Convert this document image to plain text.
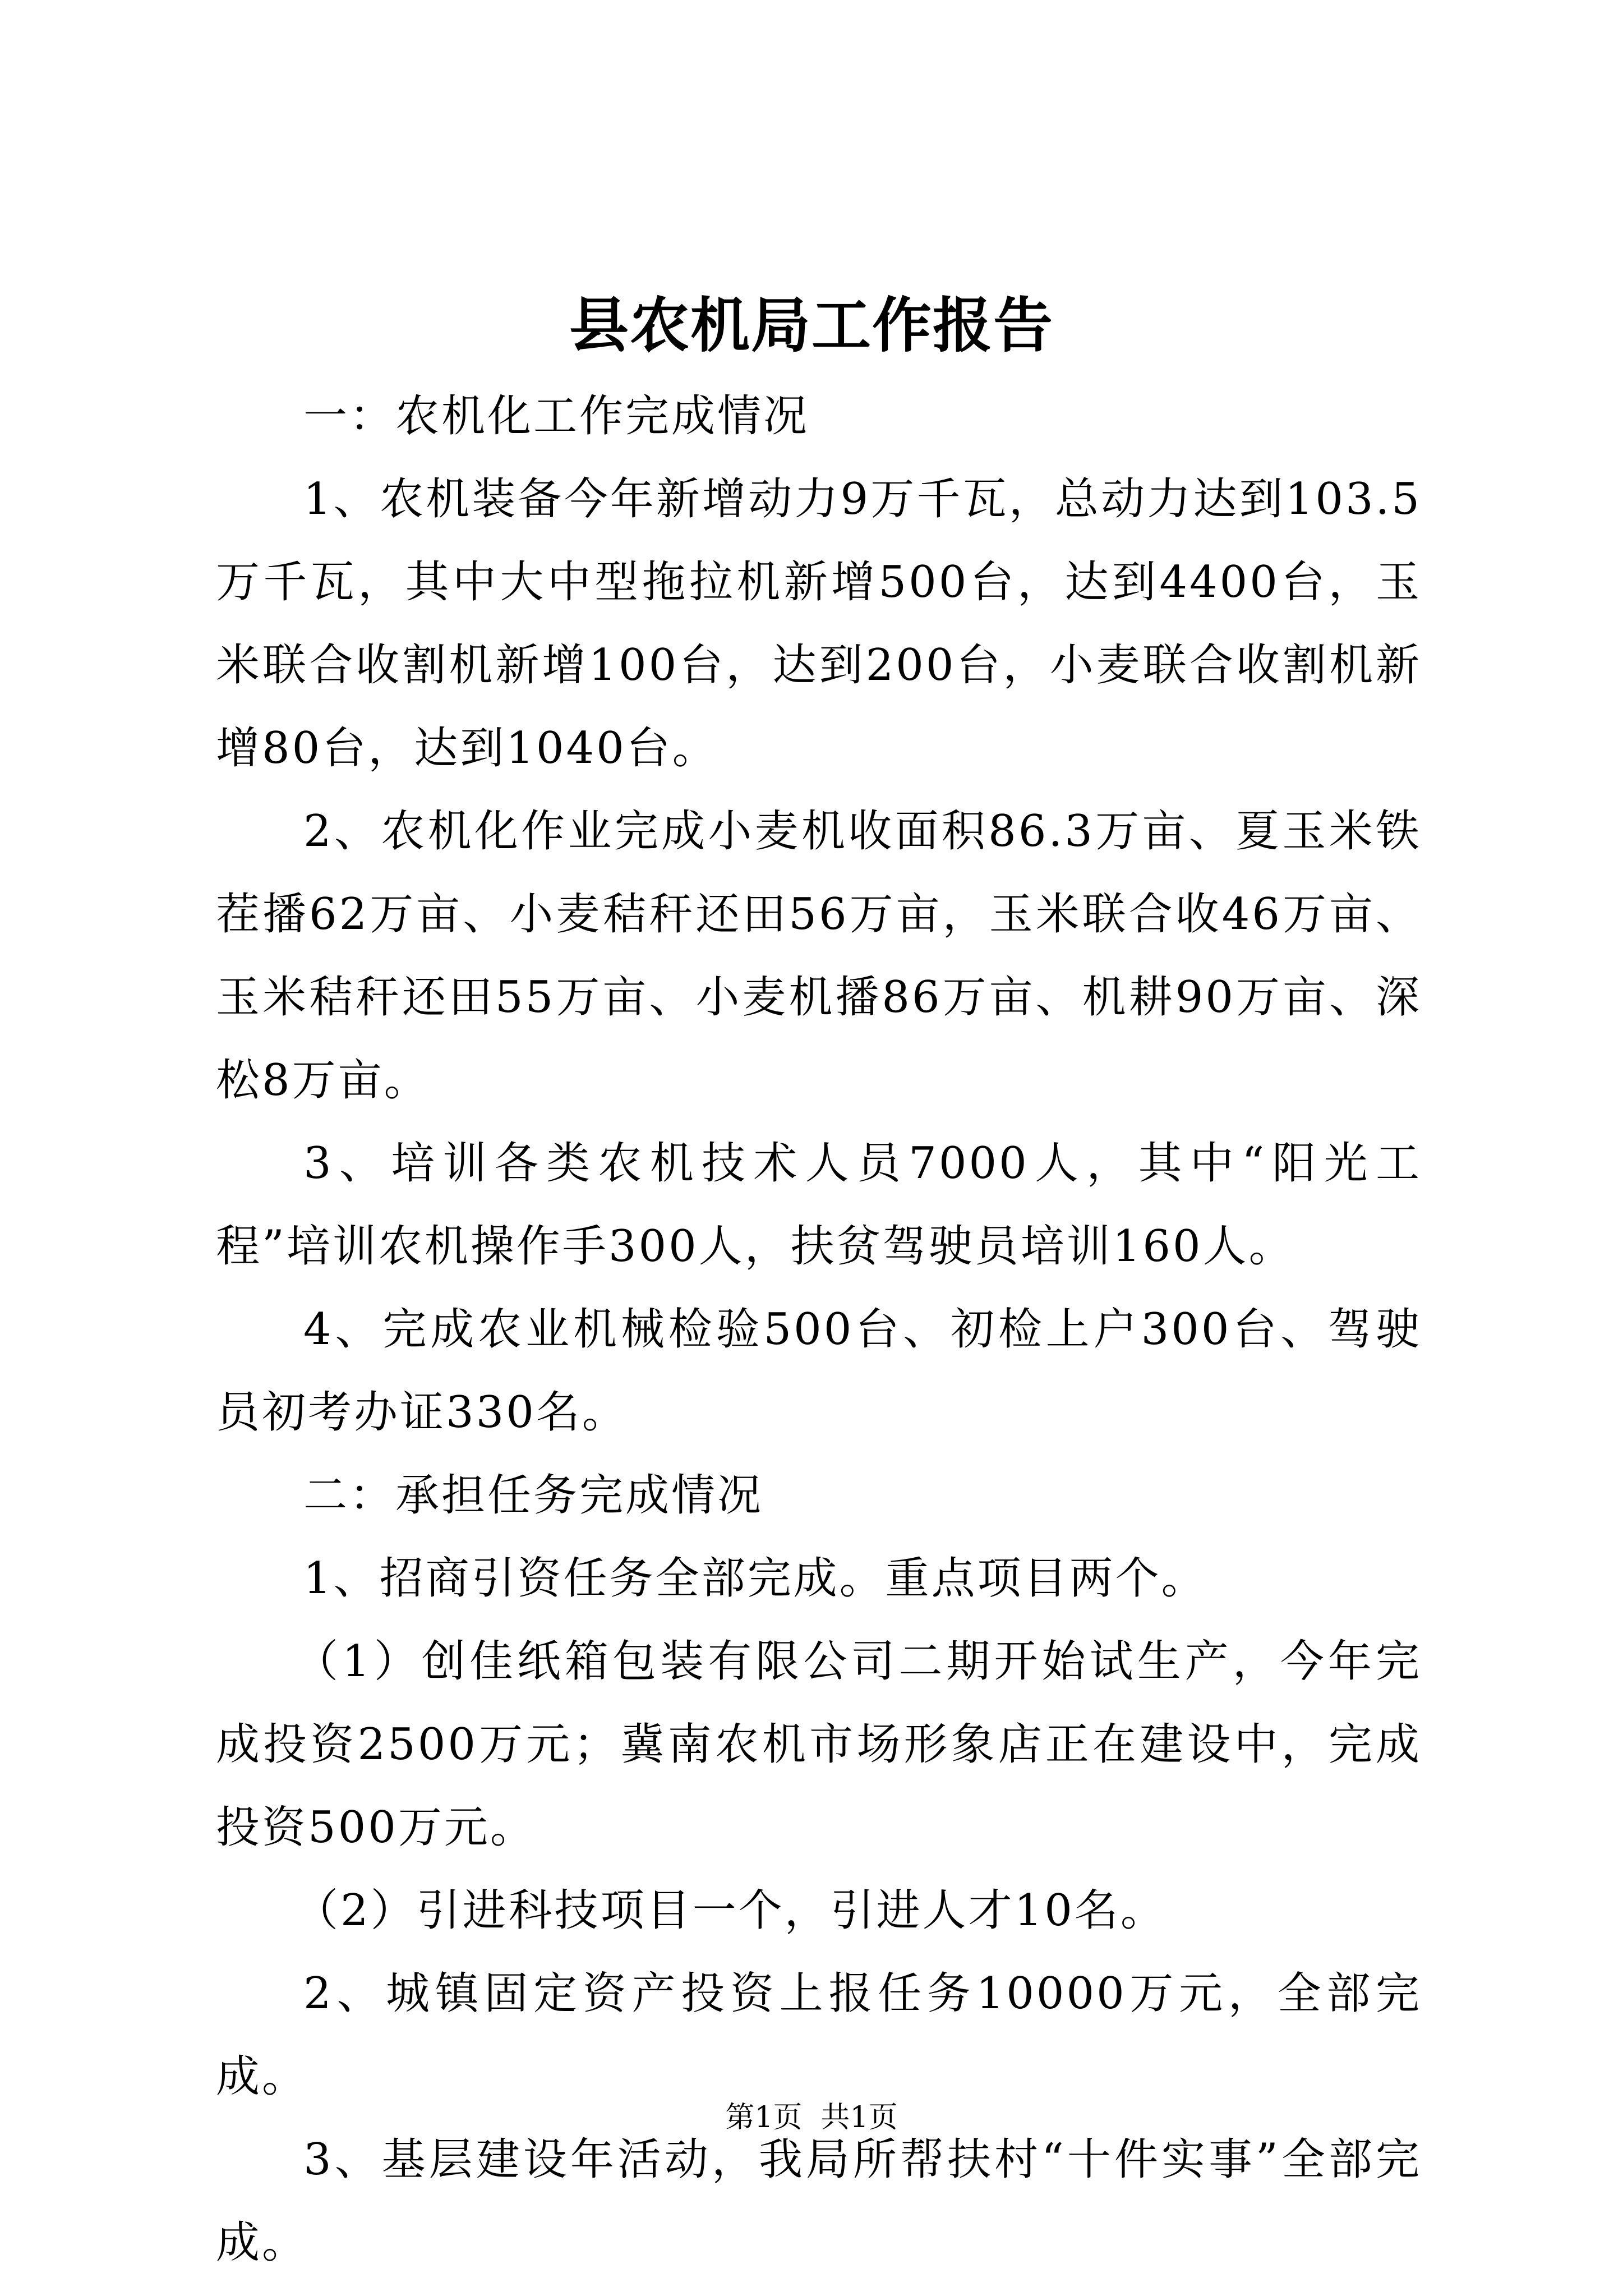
县农机局工作报告

一：农机化工作完成情况

1、农机装备今年新增动力9万千瓦，总动力达到103.5万千瓦，其中大中型拖拉机新增500台，达到4400台，玉米联合收割机新增100台，达到200台，小麦联合收割机新增80台，达到1040台。

2、农机化作业完成小麦机收面积86.3万亩、夏玉米铁茬播62万亩、小麦秸秆还田56万亩，玉米联合收46万亩、玉米秸秆还田55万亩、小麦机播86万亩、机耕90万亩、深松8万亩。

3、培训各类农机技术人员7000人，其中“阳光工程”培训农机操作手300人，扶贫驾驶员培训160人。

4、完成农业机械检验500台、初检上户300台、驾驶员初考办证330名。

二：承担任务完成情况

1、招商引资任务全部完成。重点项目两个。

（1）创佳纸箱包装有限公司二期开始试生产，今年完成投资2500万元；冀南农机市场形象店正在建设中，完成投资500万元。

（2）引进科技项目一个，引进人才10名。

2、城镇固定资产投资上报任务10000万元，全部完成。

3、基层建设年活动，我局所帮扶村“十件实事”全部完成。

第1页 共1页
